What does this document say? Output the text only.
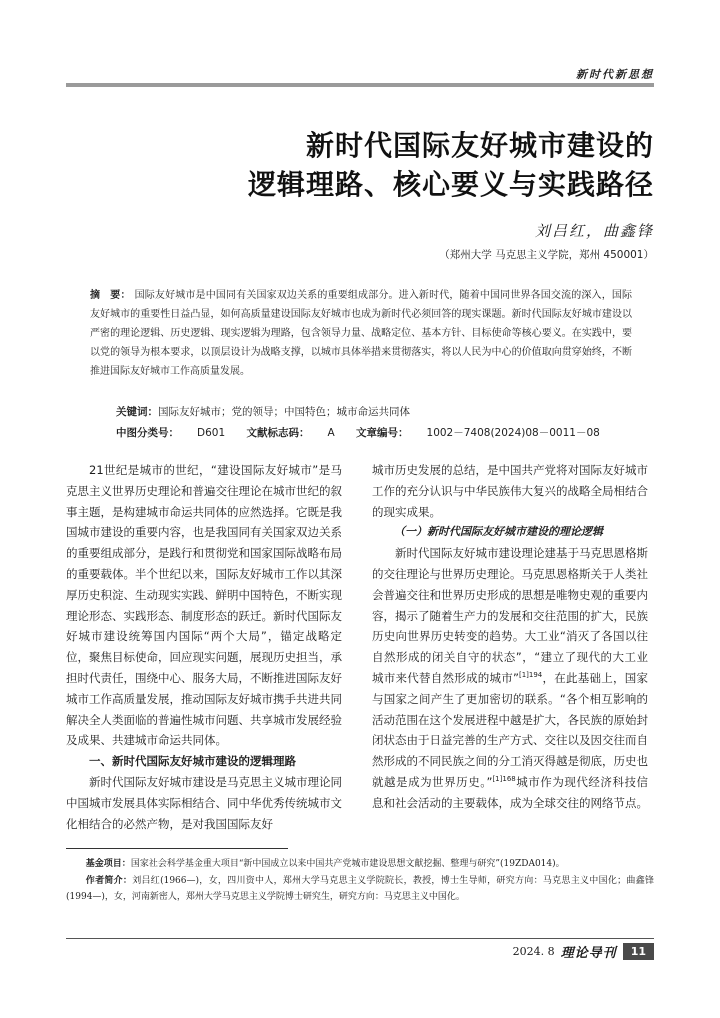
新时代新思想
新时代国际友好城市建设的
逻辑理路、核心要义与实践路径
刘吕红，曲鑫锋
（郑州大学 马克思主义学院，郑州 450001）
摘　要： 国际友好城市是中国同有关国家双边关系的重要组成部分。进入新时代，随着中国同世界各国交流的深入，国际友好城市的重要性日益凸显，如何高质量建设国际友好城市也成为新时代必须回答的现实课题。新时代国际友好城市建设以严密的理论逻辑、历史逻辑、现实逻辑为理路，包含领导力量、战略定位、基本方针、目标使命等核心要义。在实践中，要以党的领导为根本要求，以顶层设计为战略支撑，以城市具体举措来贯彻落实，将以人民为中心的价值取向贯穿始终，不断推进国际友好城市工作高质量发展。
关键词：国际友好城市；党的领导；中国特色；城市命运共同体
中图分类号： D601 文献标志码： A 文章编号： 1002－7408(2024)08－0011－08

21世纪是城市的世纪，“建设国际友好城市”是马克思主义世界历史理论和普遍交往理论在城市世纪的叙事主题，是构建城市命运共同体的应然选择。它既是我国城市建设的重要内容，也是我国同有关国家双边关系的重要组成部分，是践行和贯彻党和国家国际战略布局的重要载体。半个世纪以来，国际友好城市工作以其深厚历史积淀、生动现实实践、鲜明中国特色，不断实现理论形态、实践形态、制度形态的跃迁。新时代国际友好城市建设统筹国内国际“两个大局”，锚定战略定位，聚焦目标使命，回应现实问题，展现历史担当，承担时代责任，围绕中心、服务大局，不断推进国际友好城市工作高质量发展，推动国际友好城市携手共进共同解决全人类面临的普遍性城市问题、共享城市发展经验及成果、共建城市命运共同体。

一、新时代国际友好城市建设的逻辑理路

新时代国际友好城市建设是马克思主义城市理论同中国城市发展具体实际相结合、同中华优秀传统城市文化相结合的必然产物，是对我国国际友好

城市历史发展的总结，是中国共产党将对国际友好城市工作的充分认识与中华民族伟大复兴的战略全局相结合的现实成果。

（一）新时代国际友好城市建设的理论逻辑

新时代国际友好城市建设理论建基于马克思恩格斯的交往理论与世界历史理论。马克思恩格斯关于人类社会普遍交往和世界历史形成的思想是唯物史观的重要内容，揭示了随着生产力的发展和交往范围的扩大，民族历史向世界历史转变的趋势。大工业“消灭了各国以往自然形成的闭关自守的状态”，“建立了现代的大工业城市来代替自然形成的城市”$^{[1]194}$，在此基础上，国家与国家之间产生了更加密切的联系。“各个相互影响的活动范围在这个发展进程中越是扩大，各民族的原始封闭状态由于日益完善的生产方式、交往以及因交往而自然形成的不同民族之间的分工消灭得越是彻底，历史也就越是成为世界历史。”$^{[1]168}$城市作为现代经济科技信息和社会活动的主要载体，成为全球交往的网络节点。

基金项目：国家社会科学基金重大项目“新中国成立以来中国共产党城市建设思想文献挖掘、整理与研究”(19ZDA014)。
作者简介：刘吕红(1966—)，女，四川资中人，郑州大学马克思主义学院院长，教授，博士生导师，研究方向：马克思主义中国化；曲鑫锋(1994—)，女，河南新密人，郑州大学马克思主义学院博士研究生，研究方向：马克思主义中国化。
2024. 8 理论导刊	11
